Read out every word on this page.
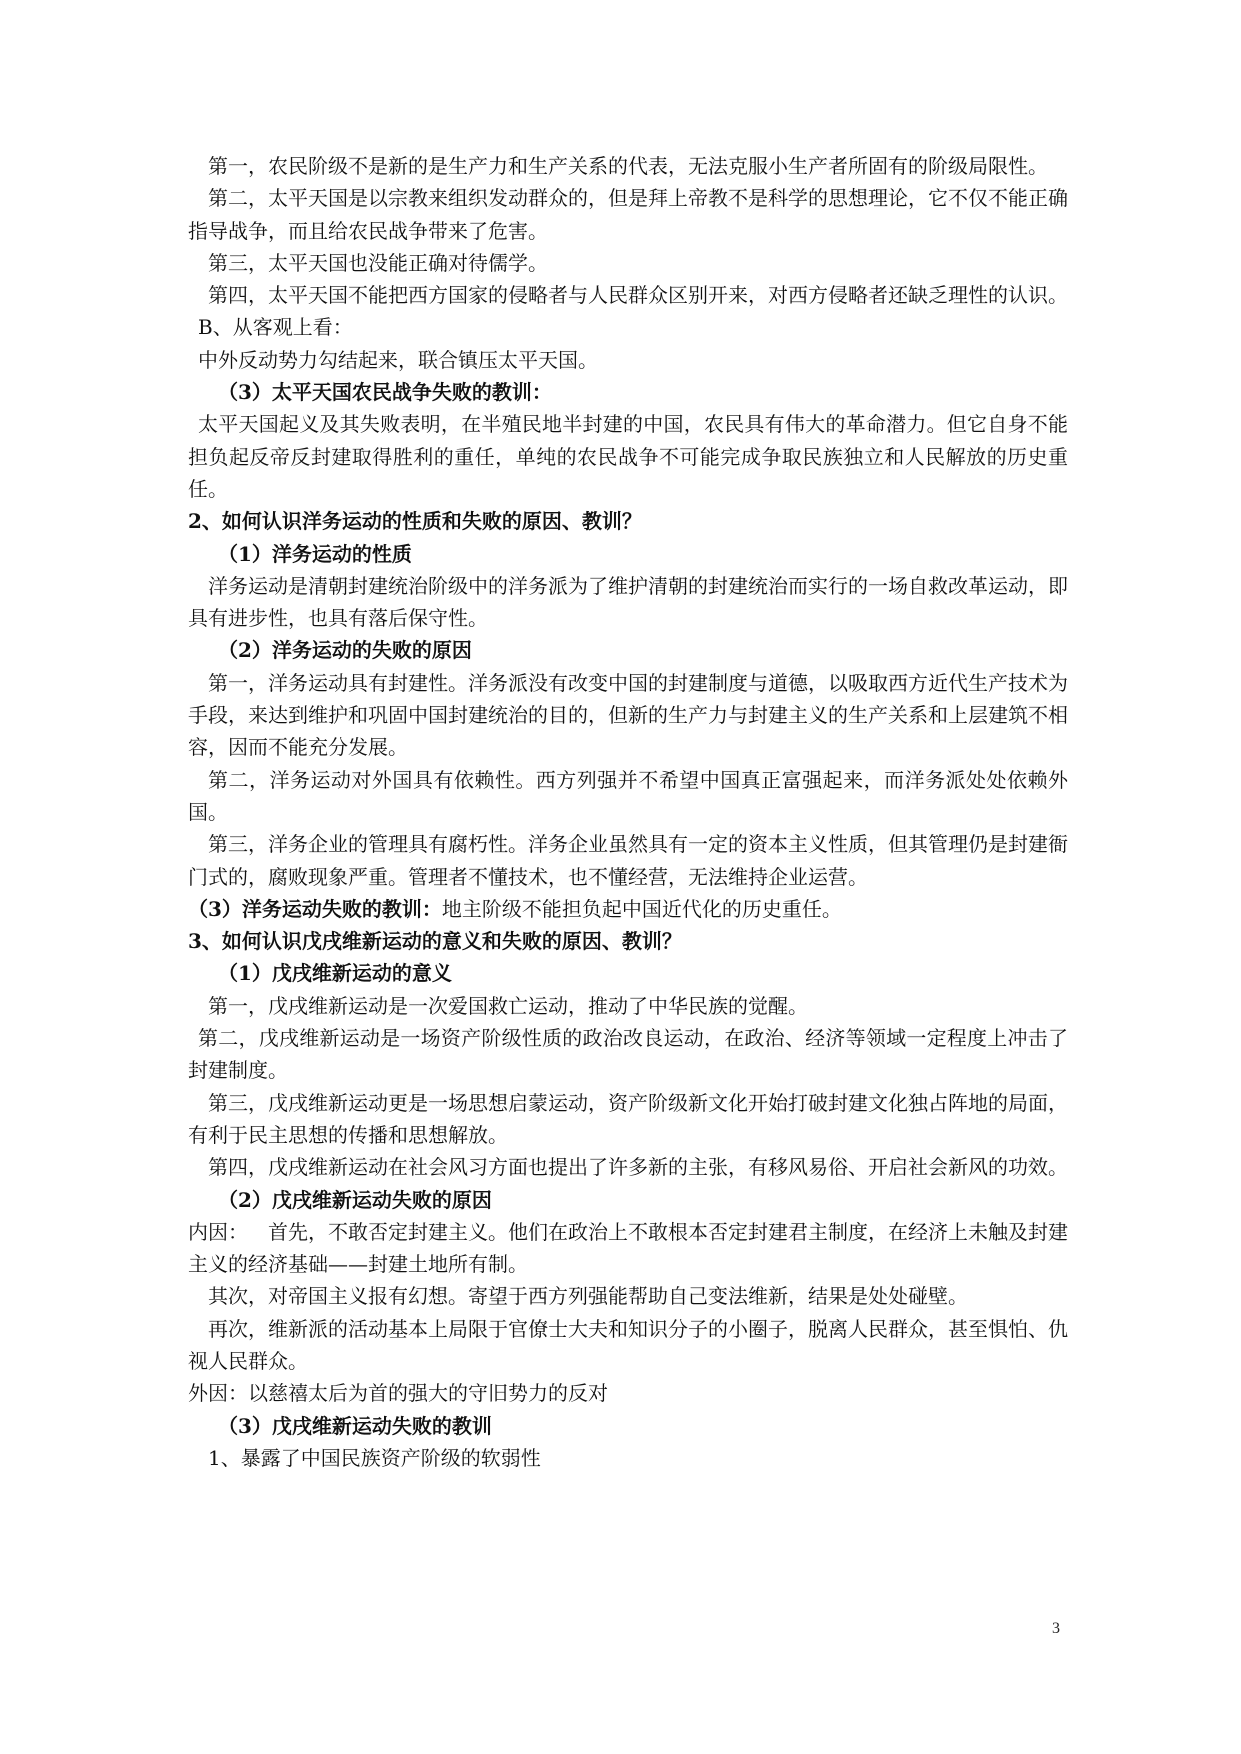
第一，农民阶级不是新的是生产力和生产关系的代表，无法克服小生产者所固有的阶级局限性。

第二，太平天国是以宗教来组织发动群众的，但是拜上帝教不是科学的思想理论，它不仅不能正确指导战争，而且给农民战争带来了危害。

第三，太平天国也没能正确对待儒学。

第四，太平天国不能把西方国家的侵略者与人民群众区别开来，对西方侵略者还缺乏理性的认识。

B、从客观上看：

中外反动势力勾结起来，联合镇压太平天国。

（3）太平天国农民战争失败的教训：

太平天国起义及其失败表明，在半殖民地半封建的中国，农民具有伟大的革命潜力。但它自身不能担负起反帝反封建取得胜利的重任，单纯的农民战争不可能完成争取民族独立和人民解放的历史重任。

2、如何认识洋务运动的性质和失败的原因、教训？

（1）洋务运动的性质

洋务运动是清朝封建统治阶级中的洋务派为了维护清朝的封建统治而实行的一场自救改革运动，即具有进步性，也具有落后保守性。

（2）洋务运动的失败的原因

第一，洋务运动具有封建性。洋务派没有改变中国的封建制度与道德，以吸取西方近代生产技术为手段，来达到维护和巩固中国封建统治的目的，但新的生产力与封建主义的生产关系和上层建筑不相容，因而不能充分发展。

第二，洋务运动对外国具有依赖性。西方列强并不希望中国真正富强起来，而洋务派处处依赖外国。

第三，洋务企业的管理具有腐朽性。洋务企业虽然具有一定的资本主义性质，但其管理仍是封建衙门式的，腐败现象严重。管理者不懂技术，也不懂经营，无法维持企业运营。

（3）洋务运动失败的教训：地主阶级不能担负起中国近代化的历史重任。

3、如何认识戊戌维新运动的意义和失败的原因、教训？

（1）戊戌维新运动的意义

第一，戊戌维新运动是一次爱国救亡运动，推动了中华民族的觉醒。

第二，戊戌维新运动是一场资产阶级性质的政治改良运动，在政治、经济等领域一定程度上冲击了封建制度。

第三，戊戌维新运动更是一场思想启蒙运动，资产阶级新文化开始打破封建文化独占阵地的局面，有利于民主思想的传播和思想解放。

第四，戊戌维新运动在社会风习方面也提出了许多新的主张，有移风易俗、开启社会新风的功效。

（2）戊戌维新运动失败的原因

内因： 首先，不敢否定封建主义。他们在政治上不敢根本否定封建君主制度，在经济上未触及封建主义的经济基础——封建土地所有制。

其次，对帝国主义报有幻想。寄望于西方列强能帮助自己变法维新，结果是处处碰壁。

再次，维新派的活动基本上局限于官僚士大夫和知识分子的小圈子，脱离人民群众，甚至惧怕、仇视人民群众。

外因：以慈禧太后为首的强大的守旧势力的反对

（3）戊戌维新运动失败的教训

1、暴露了中国民族资产阶级的软弱性

3
